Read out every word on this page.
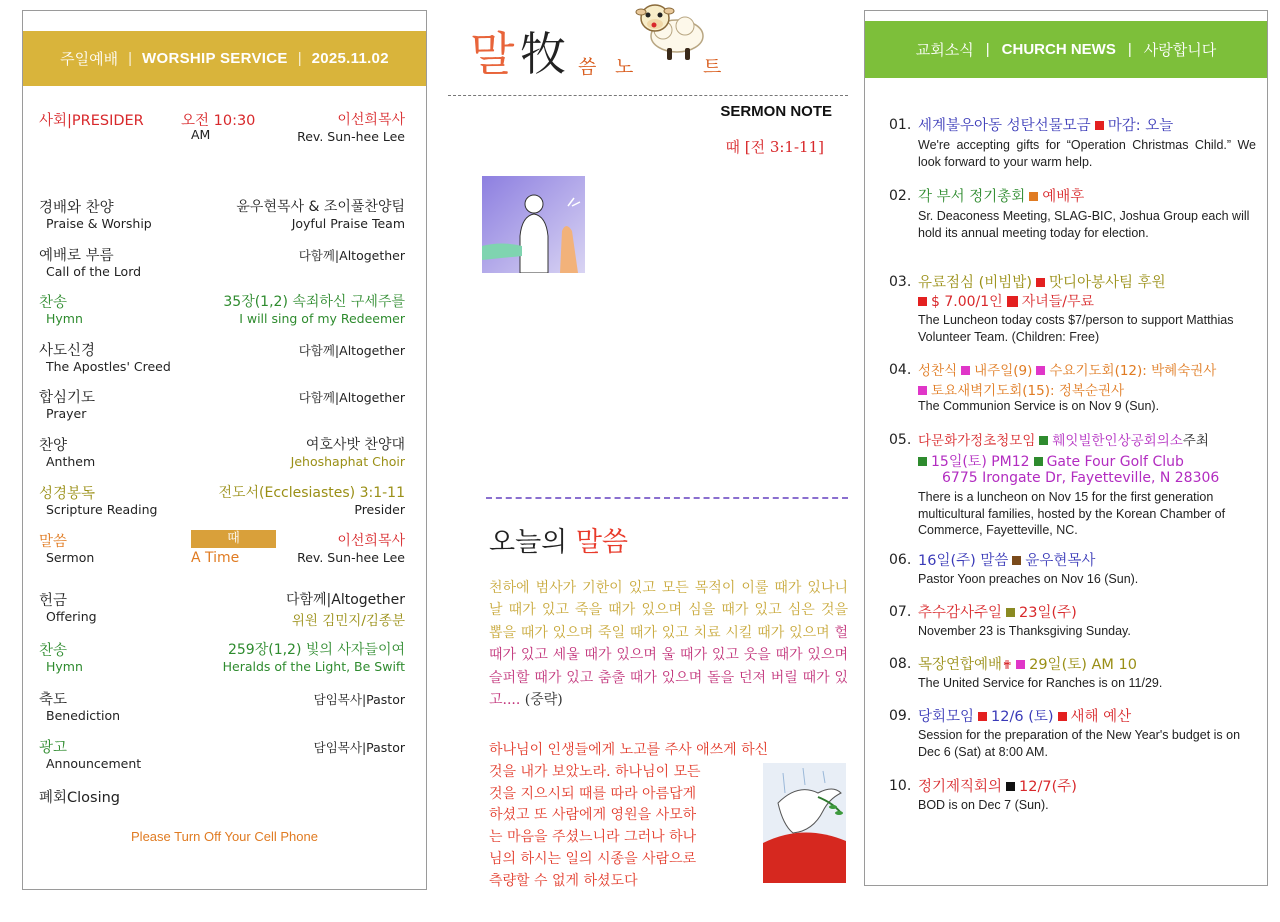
주일예배 | WORSHIP SERVICE | 2025.11.02
사회|PRESIDER	오전 10:30
AM
이선희목사
Rev. Sun-hee Lee
경배와 찬양
Praise & Worship
윤우현목사 & 조이풀찬양팀
Joyful Praise Team
예배로 부름
Call of the Lord
다함께|Altogether
찬송
Hymn
35장(1,2) 속죄하신 구세주를
I will sing of my Redeemer
사도신경
The Apostles' Creed
다함께|Altogether
합심기도
Prayer
다함께|Altogether
찬양
Anthem
여호사밧 찬양대
Jehoshaphat Choir
성경봉독
Scripture Reading
전도서(Ecclesiastes) 3:1-11
Presider
말씀
Sermon
때
A Time
이선희목사
Rev. Sun-hee Lee
헌금
Offering
다함께|Altogether
위원 김민지/김종분
찬송
Hymn
259장(1,2) 빛의 사자들이여
Heralds of the Light, Be Swift
축도
Benediction
담임목사|Pastor
광고
Announcement
담임목사|Pastor
폐회Closing
Please Turn Off Your Cell Phone
말 牧 씀 노	트
SERMON NOTE
때 [전 3:1-11]
오늘의 말씀
천하에 범사가 기한이 있고 모든 목적이 이룰 때가 있나니 날 때가 있고 죽을 때가 있으며 심을 때가 있고 심은 것을 뽑을 때가 있으며 죽일 때가 있고 치료 시킬 때가 있으며 헐 때가 있고 세울 때가 있으며 울 때가 있고 웃을 때가 있으며 슬퍼할 때가 있고 춤출 때가 있으며 돌을 던져 버릴 때가 있고.... (중략)
하나님이 인생들에게 노고를 주사 애쓰게 하신
것을 내가 보았노라. 하나님이 모든
것을 지으시되 때를 따라 아름답게
하셨고 또 사람에게 영원을 사모하
는 마음을 주셨느니라 그러나 하나
님의 하시는 일의 시종을 사람으로
측량할 수 없게 하셨도다
교회소식 | CHURCH NEWS | 사랑합니다
01. 세계불우아동 성탄선물모금 마감: 오늘
We're accepting gifts for “Operation Christmas Child.” We look forward to your warm help.
02. 각 부서 정기총회 예배후
Sr. Deaconess Meeting, SLAG-BIC, Joshua Group each will hold its annual meeting today for election.
03. 유료점심 (비빔밥) 맛디아봉사팀 후원
$ 7.00/1인 자녀들/무료
The Luncheon today costs $7/person to support Matthias Volunteer Team. (Children: Free)
04. 성찬식 내주일(9) 수요기도회(12): 박혜숙권사
토요새벽기도회(15): 정복순권사
The Communion Service is on Nov 9 (Sun).
05. 다문화가정초청모임 훼잇빌한인상공회의소주최
15일(토) PM12 Gate Four Golf Club
6775 Irongate Dr, Fayetteville, N 28306
There is a luncheon on Nov 15 for the first generation multicultural families, hosted by the Korean Chamber of Commerce, Fayetteville, NC.
06. 16일(주) 말씀 윤우현목사
Pastor Yoon preaches on Nov 16 (Sun).
07. 추수감사주일 23일(주)
November 23 is Thanksgiving Sunday.
08. 목장연합예배✟ 29일(토) AM 10
The United Service for Ranches is on 11/29.
09. 당회모임 12/6 (토) 새해 예산
Session for the preparation of the New Year's budget is on Dec 6 (Sat) at 8:00 AM.
10. 정기제직회의 12/7(주)
BOD is on Dec 7 (Sun).
